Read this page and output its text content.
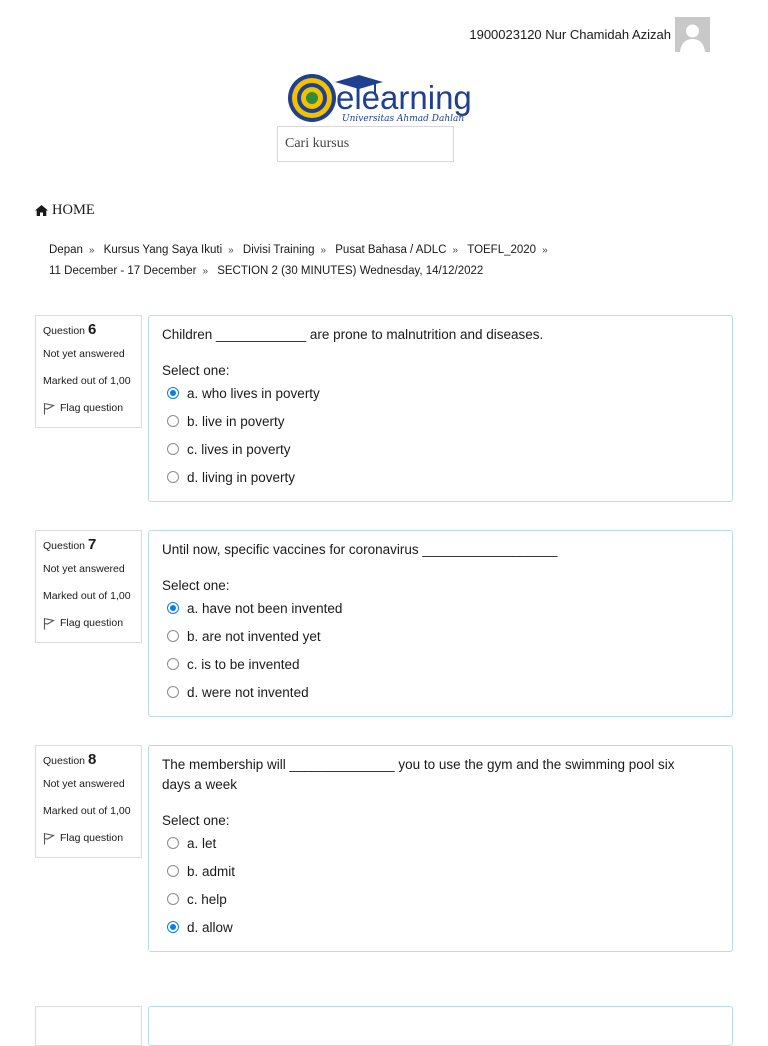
1900023120 Nur Chamidah Azizah
elearning
Universitas Ahmad Dahlan
Cari kursus
HOME
Depan » Kursus Yang Saya Ikuti » Divisi Training » Pusat Bahasa / ADLC » TOEFL_2020 » 11 December - 17 December » SECTION 2 (30 MINUTES) Wednesday, 14/12/2022
Question 6
Not yet answered
Marked out of 1,00
Flag question
Children ____________ are prone to malnutrition and diseases.
Select one:
a. who lives in poverty
b. live in poverty
c. lives in poverty
d. living in poverty
Question 7
Not yet answered
Marked out of 1,00
Flag question
Until now, specific vaccines for coronavirus __________________
Select one:
a. have not been invented
b. are not invented yet
c. is to be invented
d. were not invented
Question 8
Not yet answered
Marked out of 1,00
Flag question
The membership will ______________ you to use the gym and the swimming pool six days a week
Select one:
a. let
b. admit
c. help
d. allow
